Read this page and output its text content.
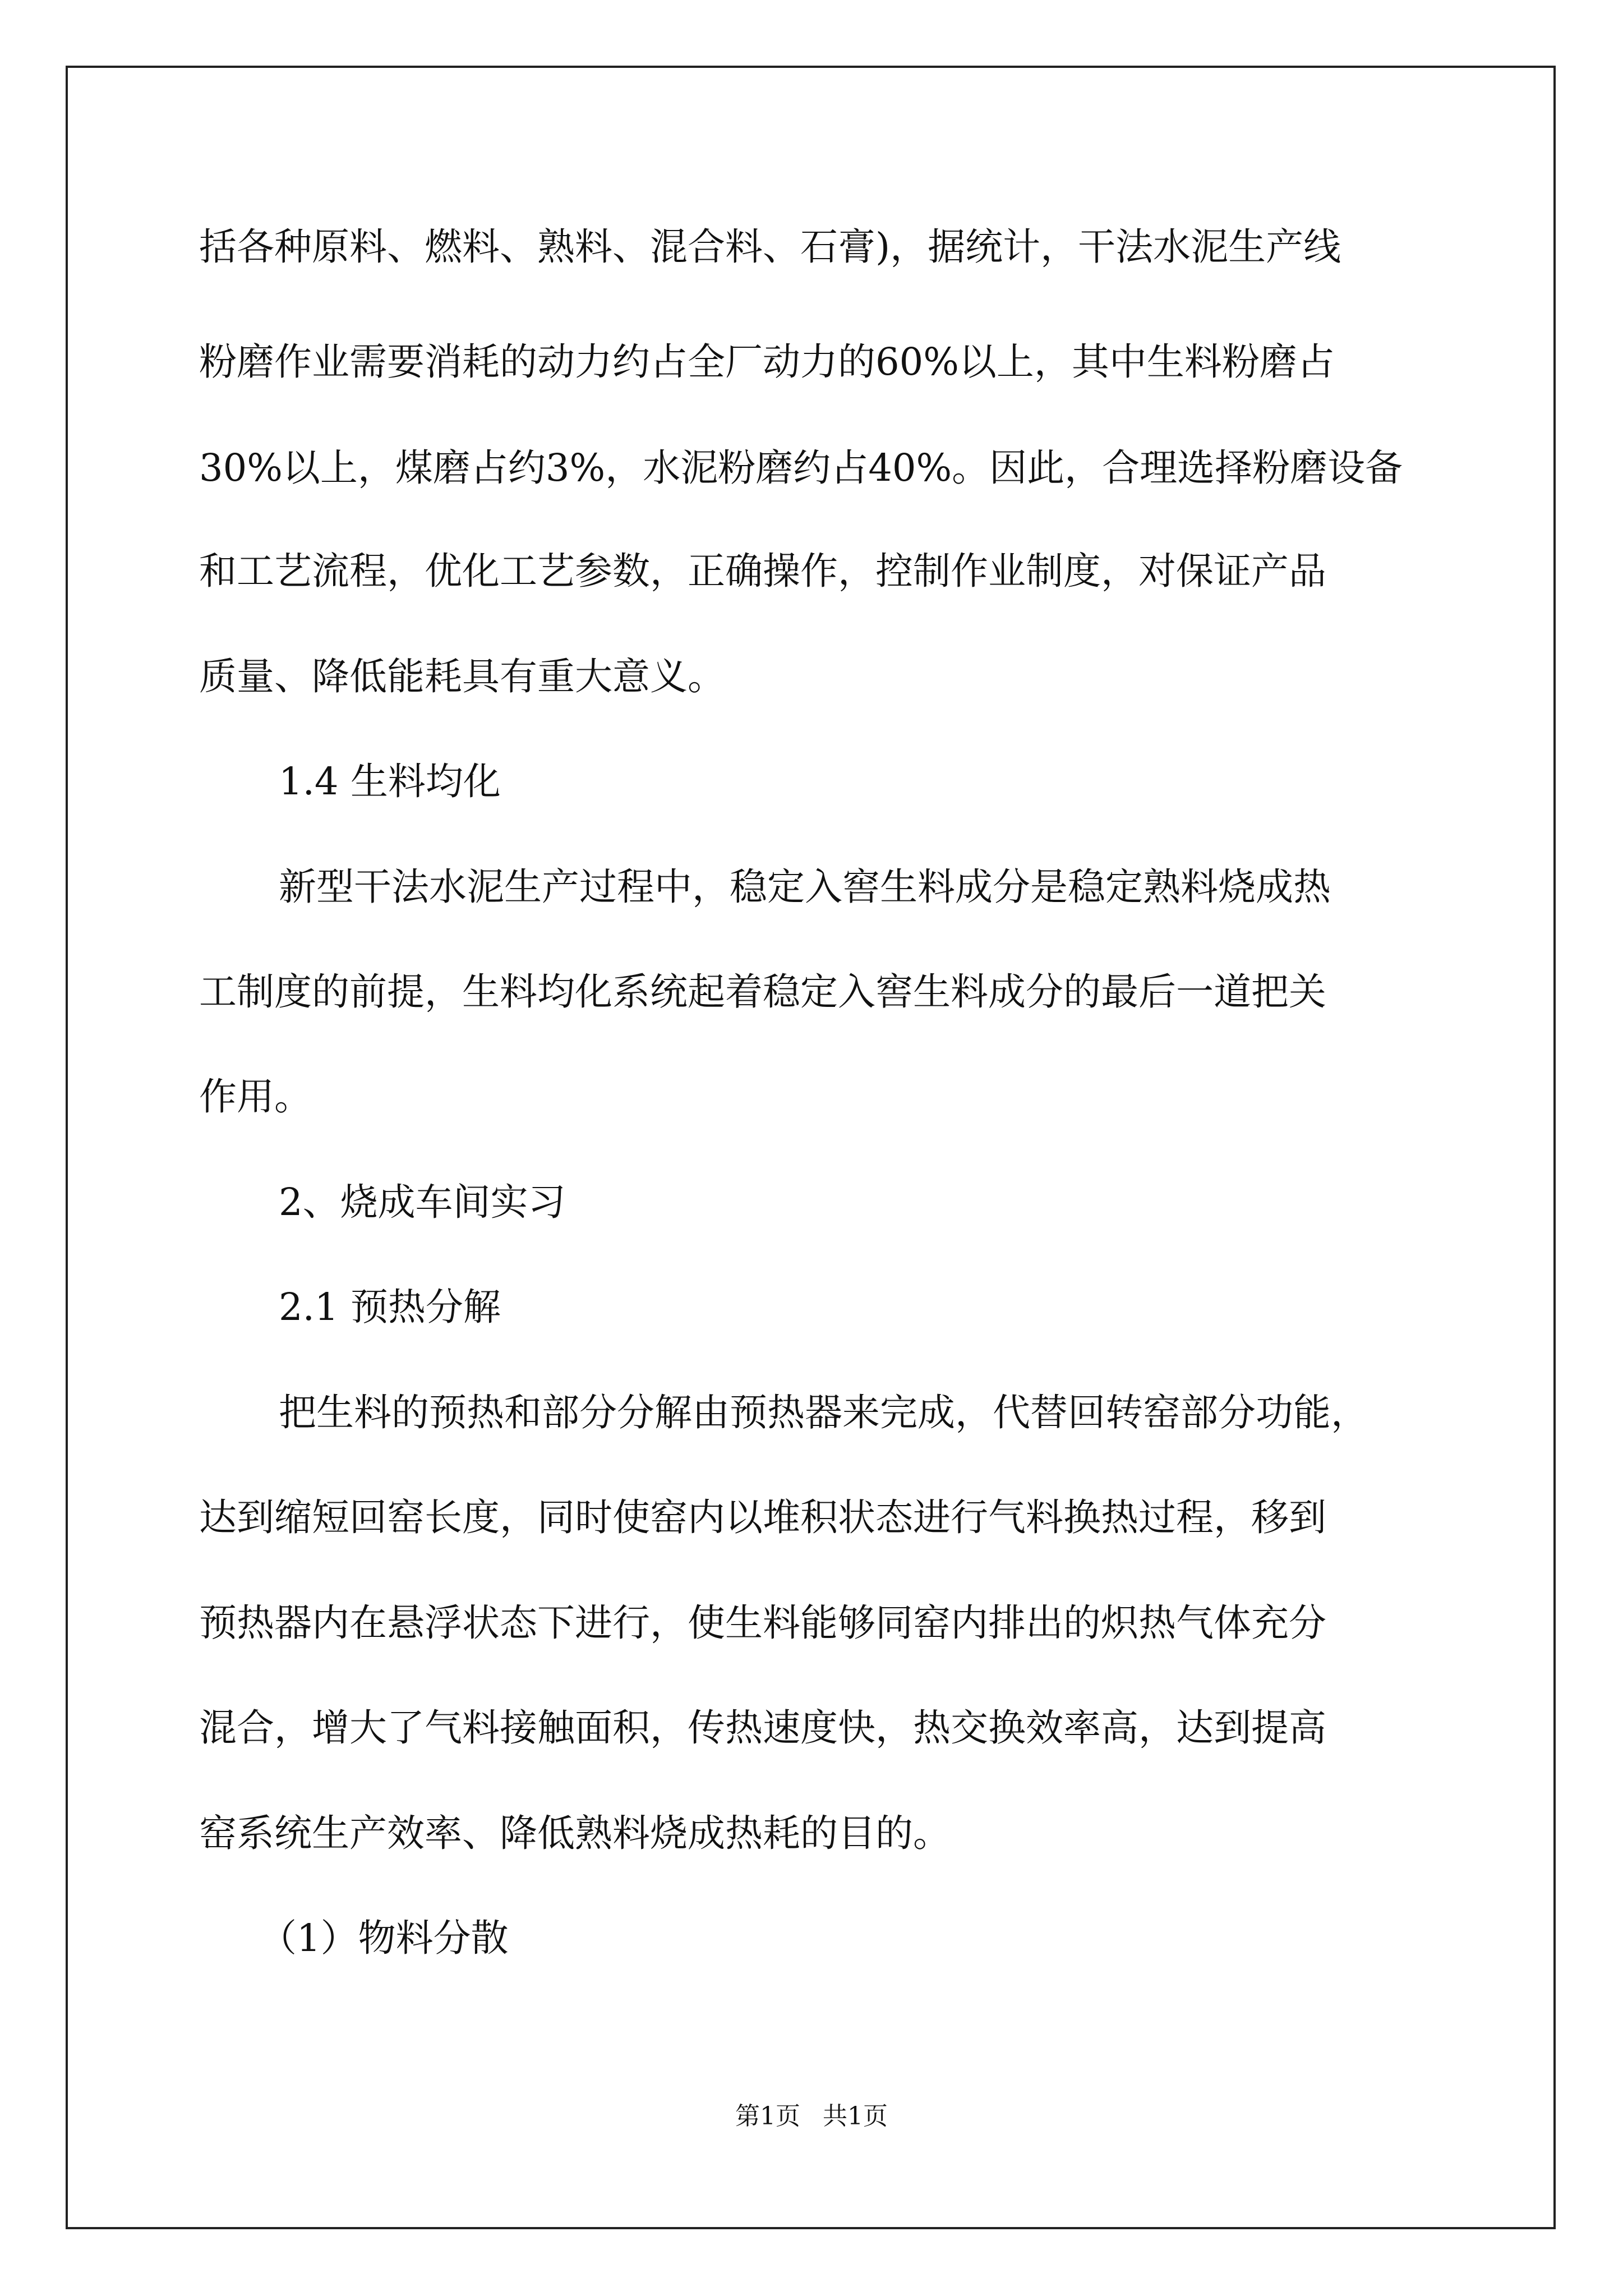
括各种原料、燃料、熟料、混合料、石膏)，据统计，干法水泥生产线
粉磨作业需要消耗的动力约占全厂动力的60%以上，其中生料粉磨占
30%以上，煤磨占约3%，水泥粉磨约占40%。因此，合理选择粉磨设备
和工艺流程，优化工艺参数，正确操作，控制作业制度，对保证产品
质量、降低能耗具有重大意义。
1.4 生料均化
新型干法水泥生产过程中，稳定入窖生料成分是稳定熟料烧成热
工制度的前提，生料均化系统起着稳定入窖生料成分的最后一道把关
作用。
2、烧成车间实习
2.1 预热分解
把生料的预热和部分分解由预热器来完成，代替回转窑部分功能，
达到缩短回窑长度，同时使窑内以堆积状态进行气料换热过程，移到
预热器内在悬浮状态下进行，使生料能够同窑内排出的炽热气体充分
混合，增大了气料接触面积，传热速度快，热交换效率高，达到提高
窑系统生产效率、降低熟料烧成热耗的目的。
（1）物料分散
第1页 共1页
